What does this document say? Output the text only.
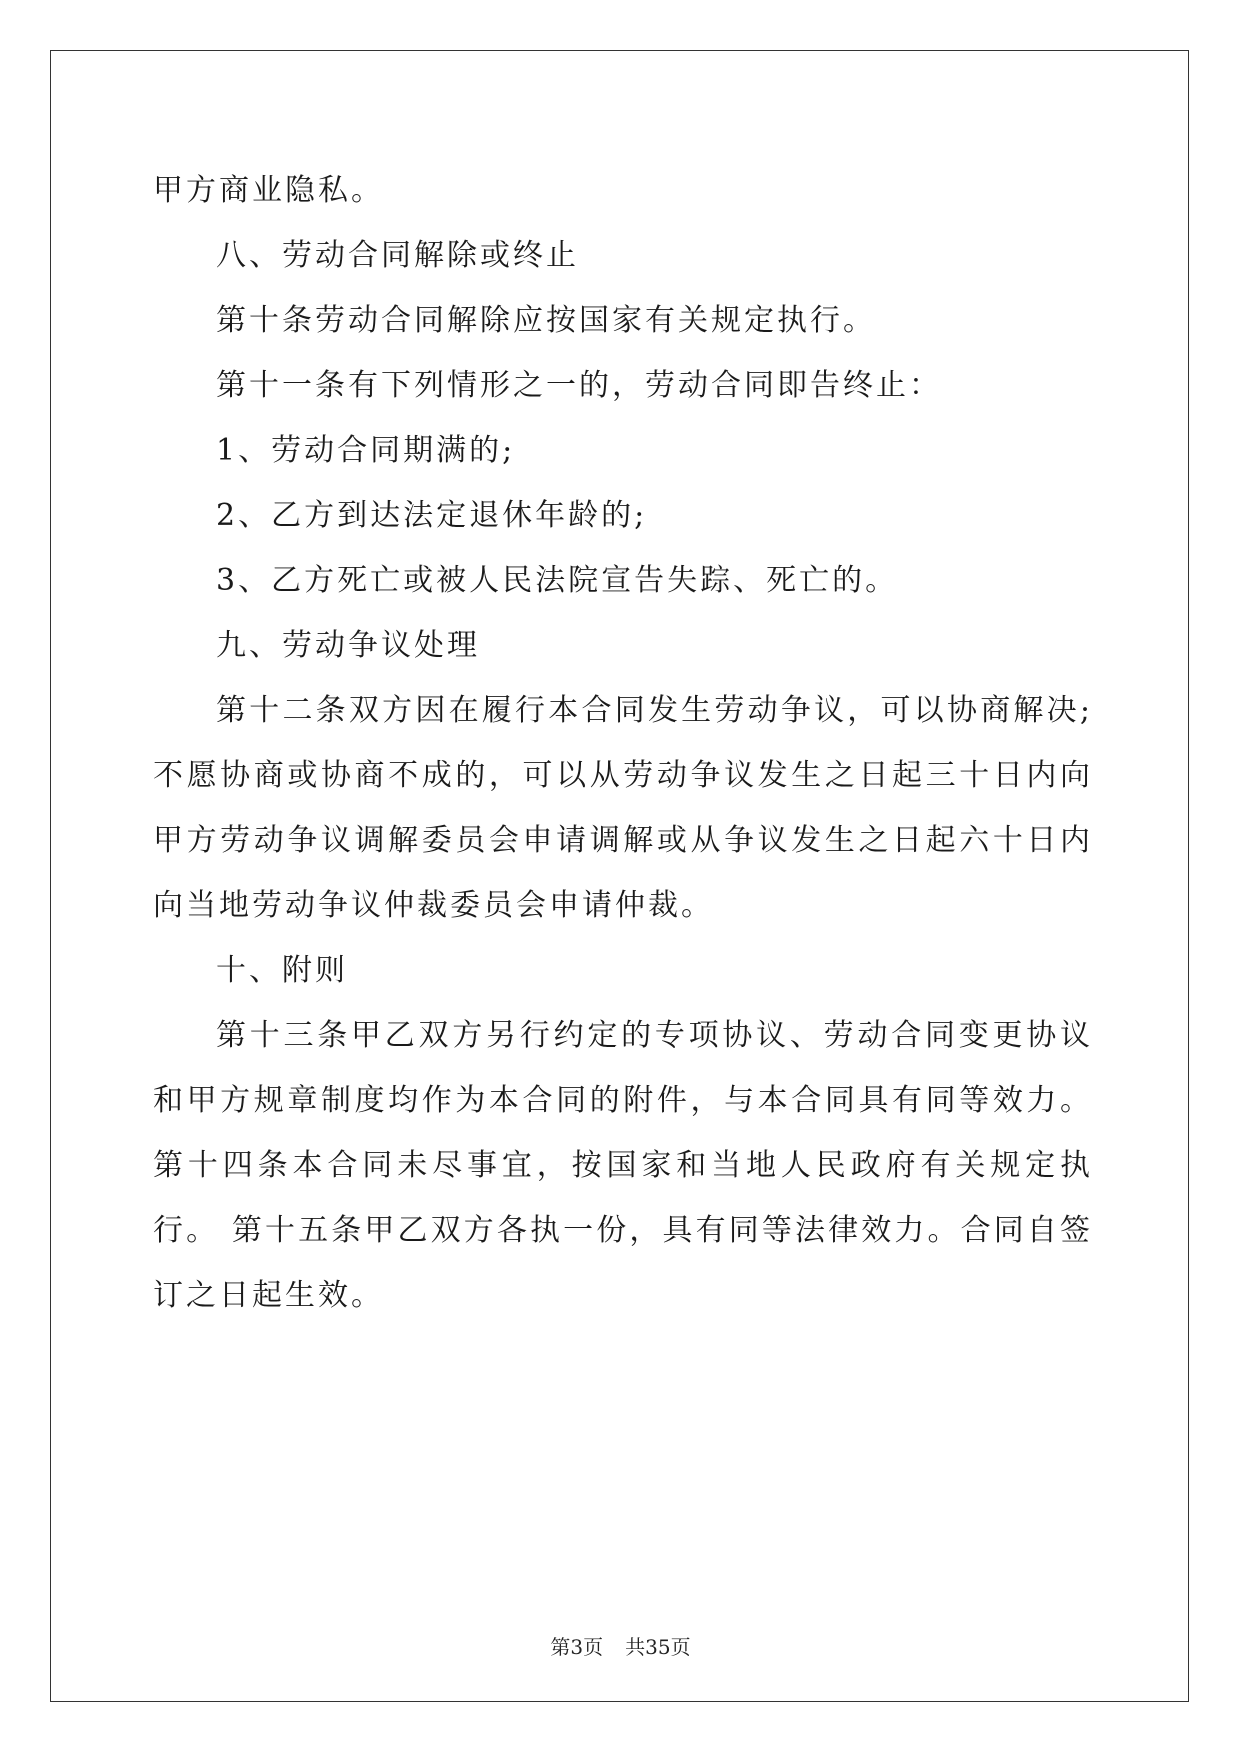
甲方商业隐私。

八、劳动合同解除或终止

第十条劳动合同解除应按国家有关规定执行。

第十一条有下列情形之一的，劳动合同即告终止：

1、劳动合同期满的;

2、乙方到达法定退休年龄的;

3、乙方死亡或被人民法院宣告失踪、死亡的。

九、劳动争议处理

第十二条双方因在履行本合同发生劳动争议，可以协商解决;不愿协商或协商不成的，可以从劳动争议发生之日起三十日内向甲方劳动争议调解委员会申请调解或从争议发生之日起六十日内向当地劳动争议仲裁委员会申请仲裁。

十、附则

第十三条甲乙双方另行约定的专项协议、劳动合同变更协议和甲方规章制度均作为本合同的附件，与本合同具有同等效力。 第十四条本合同未尽事宜，按国家和当地人民政府有关规定执行。 第十五条甲乙双方各执一份，具有同等法律效力。合同自签订之日起生效。

第3页 共35页
